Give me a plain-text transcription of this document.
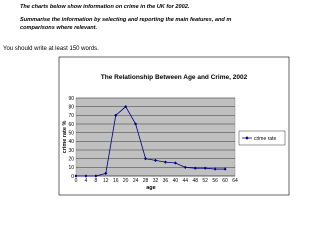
The charts below show information on crime in the UK for 2002.
Summarise the information by selecting and reporting the main features, and m
comparisons where relevant.
You should write at least 150 words.
The Relationship Between Age and Crime, 2002
0
10
20
30
40
50
60
70
80
90
0 4 8 12 16 20 24 28 32 36 40 44 48 52 56 60 64
crime rate %
age
crime rate
